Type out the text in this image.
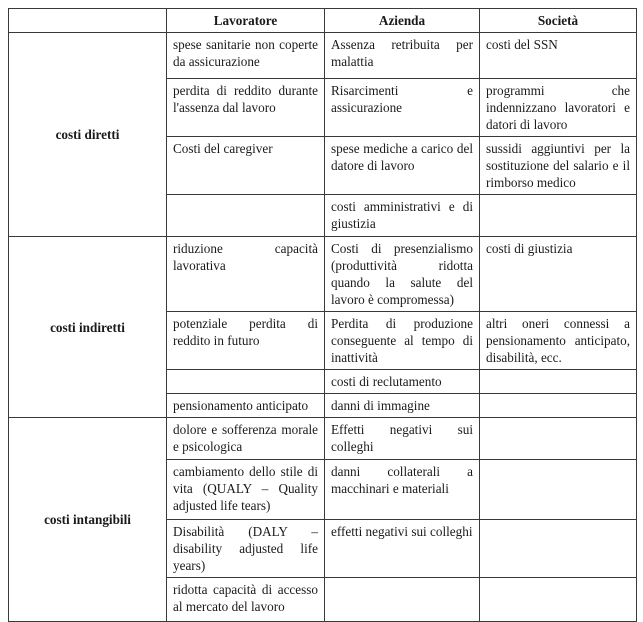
	Lavoratore	Azienda	Società
costi diretti	spese sanitarie non coperte da assicurazione	Assenza retribuita per malattia	costi del SSN
	perdita di reddito durante l'assenza dal lavoro	Risarcimenti e assicurazione	programmi che indennizzano lavoratori e datori di lavoro
	Costi del caregiver	spese mediche a carico del datore di lavoro	sussidi aggiuntivi per la sostituzione del salario e il rimborso medico
		costi amministrativi e di giustizia	
costi indiretti	riduzione capacità lavorativa	Costi di presenzialismo (produttività ridotta quando la salute del lavoro è compromessa)	costi di giustizia
	potenziale perdita di reddito in futuro	Perdita di produzione conseguente al tempo di inattività	altri oneri connessi a pensionamento anticipato, disabilità, ecc.
		costi di reclutamento	
	pensionamento anticipato	danni di immagine	
costi intangibili	dolore e sofferenza morale e psicologica	Effetti negativi sui colleghi	
	cambiamento dello stile di vita (QUALY – Quality adjusted life tears)	danni collaterali a macchinari e materiali	
	Disabilità (DALY – disability adjusted life years)	effetti negativi sui colleghi	
	ridotta capacità di accesso al mercato del lavoro		
